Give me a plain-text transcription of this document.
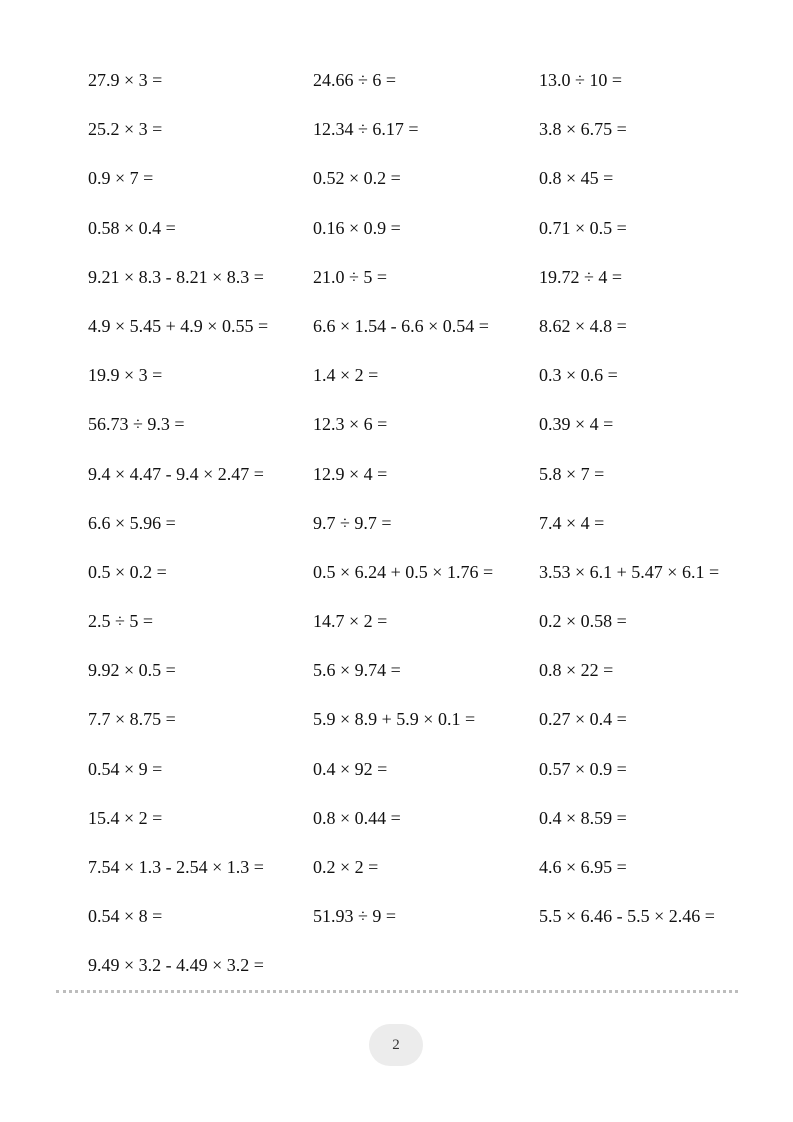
27.9 × 3 =	24.66 ÷ 6 =	13.0 ÷ 10 =
25.2 × 3 =	12.34 ÷ 6.17 =	3.8 × 6.75 =
0.9 × 7 =	0.52 × 0.2 =	0.8 × 45 =
0.58 × 0.4 =	0.16 × 0.9 =	0.71 × 0.5 =
9.21 × 8.3 - 8.21 × 8.3 =	21.0 ÷ 5 =	19.72 ÷ 4 =
4.9 × 5.45 + 4.9 × 0.55 =	6.6 × 1.54 - 6.6 × 0.54 =	8.62 × 4.8 =
19.9 × 3 =	1.4 × 2 =	0.3 × 0.6 =
56.73 ÷ 9.3 =	12.3 × 6 =	0.39 × 4 =
9.4 × 4.47 - 9.4 × 2.47 =	12.9 × 4 =	5.8 × 7 =
6.6 × 5.96 =	9.7 ÷ 9.7 =	7.4 × 4 =
0.5 × 0.2 =	0.5 × 6.24 + 0.5 × 1.76 =	3.53 × 6.1 + 5.47 × 6.1 =
2.5 ÷ 5 =	14.7 × 2 =	0.2 × 0.58 =
9.92 × 0.5 =	5.6 × 9.74 =	0.8 × 22 =
7.7 × 8.75 =	5.9 × 8.9 + 5.9 × 0.1 =	0.27 × 0.4 =
0.54 × 9 =	0.4 × 92 =	0.57 × 0.9 =
15.4 × 2 =	0.8 × 0.44 =	0.4 × 8.59 =
7.54 × 1.3 - 2.54 × 1.3 =	0.2 × 2 =	4.6 × 6.95 =
0.54 × 8 =	51.93 ÷ 9 =	5.5 × 6.46 - 5.5 × 2.46 =
9.49 × 3.2 - 4.49 × 3.2 =
2
